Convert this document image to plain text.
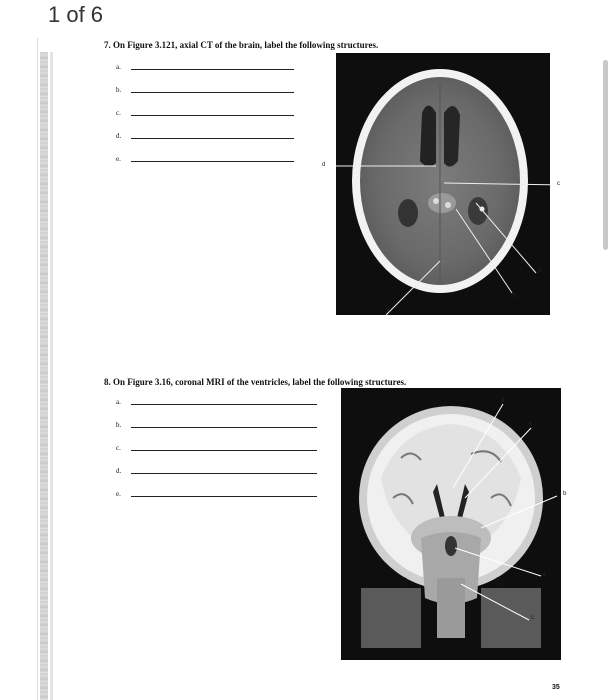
1 of 6
7. On Figure 3.121, axial CT of the brain, label the following structures.
a.
b.
c.
d.
e.
d
c
a
b
e
8. On Figure 3.16, coronal MRI of the ventricles, label the following structures.
a.
b.
c.
d.
e.
d
e
b
a
c
35
